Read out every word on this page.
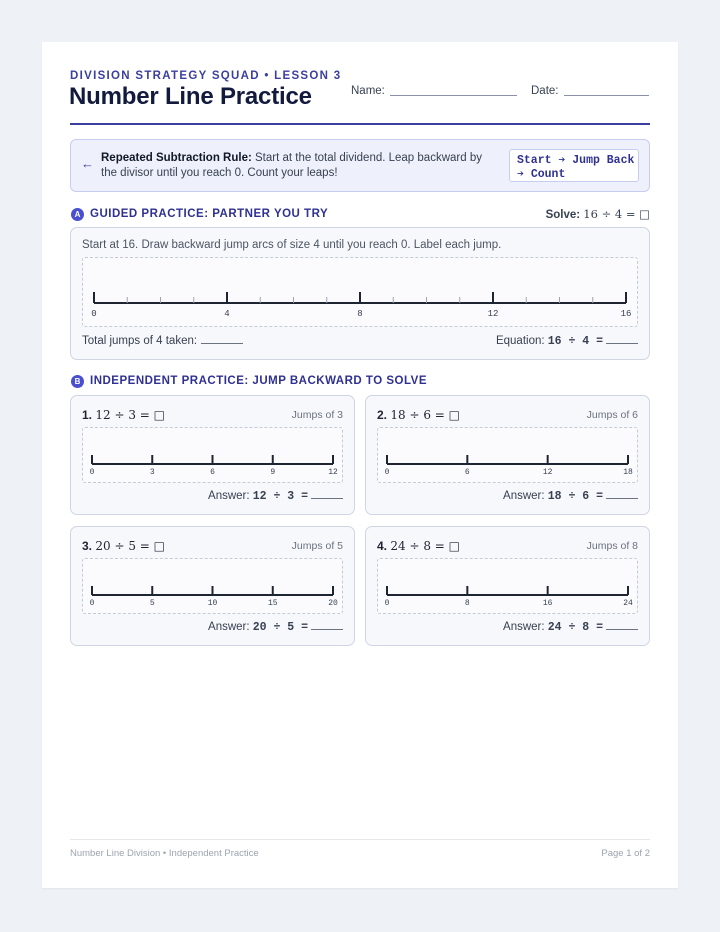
DIVISION STRATEGY SQUAD • LESSON 3
Number Line Practice	Name:	Date:
← Repeated Subtraction Rule: Start at the total dividend. Leap backward by the divisor until you reach 0. Count your leaps!
Start ➔ Jump Back
➔ Count
A GUIDED PRACTICE: PARTNER YOU TRY	Solve: 16 ÷ 4 = □
Start at 16. Draw backward jump arcs of size 4 until you reach 0. Label each jump.
0	4	8	12	16
Total jumps of 4 taken:	Equation: 16 ÷ 4 =
B INDEPENDENT PRACTICE: JUMP BACKWARD TO SOLVE
1. 12 ÷ 3 = □	Jumps of 3
0	3	6	9	12
Answer: 12 ÷ 3 =
2. 18 ÷ 6 = □	Jumps of 6
0	6	12	18
Answer: 18 ÷ 6 =
3. 20 ÷ 5 = □	Jumps of 5
0	5	10	15	20
Answer: 20 ÷ 5 =
4. 24 ÷ 8 = □	Jumps of 8
0	8	16	24
Answer: 24 ÷ 8 =
Number Line Division • Independent Practice	Page 1 of 2
